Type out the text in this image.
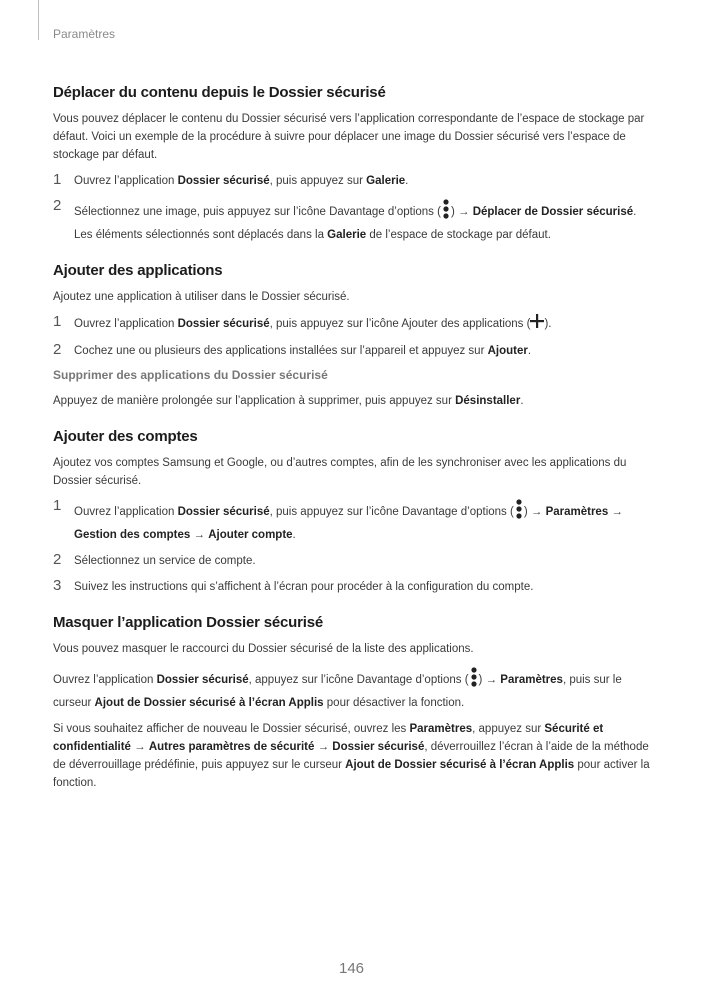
Paramètres
Déplacer du contenu depuis le Dossier sécurisé

Vous pouvez déplacer le contenu du Dossier sécurisé vers l’application correspondante de l’espace de stockage par défaut. Voici un exemple de la procédure à suivre pour déplacer une image du Dossier sécurisé vers l’espace de stockage par défaut.

1 Ouvrez l’application Dossier sécurisé, puis appuyez sur Galerie.
2 Sélectionnez une image, puis appuyez sur l’icône Davantage d’options ( ) → Déplacer de Dossier sécurisé.
Les éléments sélectionnés sont déplacés dans la Galerie de l’espace de stockage par défaut.
Ajouter des applications

Ajoutez une application à utiliser dans le Dossier sécurisé.

1 Ouvrez l’application Dossier sécurisé, puis appuyez sur l’icône Ajouter des applications ( ).
2 Cochez une ou plusieurs des applications installées sur l’appareil et appuyez sur Ajouter.
Supprimer des applications du Dossier sécurisé

Appuyez de manière prolongée sur l’application à supprimer, puis appuyez sur Désinstaller.

Ajouter des comptes

Ajoutez vos comptes Samsung et Google, ou d’autres comptes, afin de les synchroniser avec les applications du Dossier sécurisé.

1 Ouvrez l’application Dossier sécurisé, puis appuyez sur l’icône Davantage d’options ( ) → Paramètres → Gestion des comptes → Ajouter compte.
2 Sélectionnez un service de compte.
3 Suivez les instructions qui s’affichent à l’écran pour procéder à la configuration du compte.
Masquer l’application Dossier sécurisé

Vous pouvez masquer le raccourci du Dossier sécurisé de la liste des applications.

Ouvrez l’application Dossier sécurisé, appuyez sur l’icône Davantage d’options ( ) → Paramètres, puis sur le curseur Ajout de Dossier sécurisé à l’écran Applis pour désactiver la fonction.

Si vous souhaitez afficher de nouveau le Dossier sécurisé, ouvrez les Paramètres, appuyez sur Sécurité et confidentialité → Autres paramètres de sécurité → Dossier sécurisé, déverrouillez l’écran à l’aide de la méthode de déverrouillage prédéfinie, puis appuyez sur le curseur Ajout de Dossier sécurisé à l’écran Applis pour activer la fonction.

146
